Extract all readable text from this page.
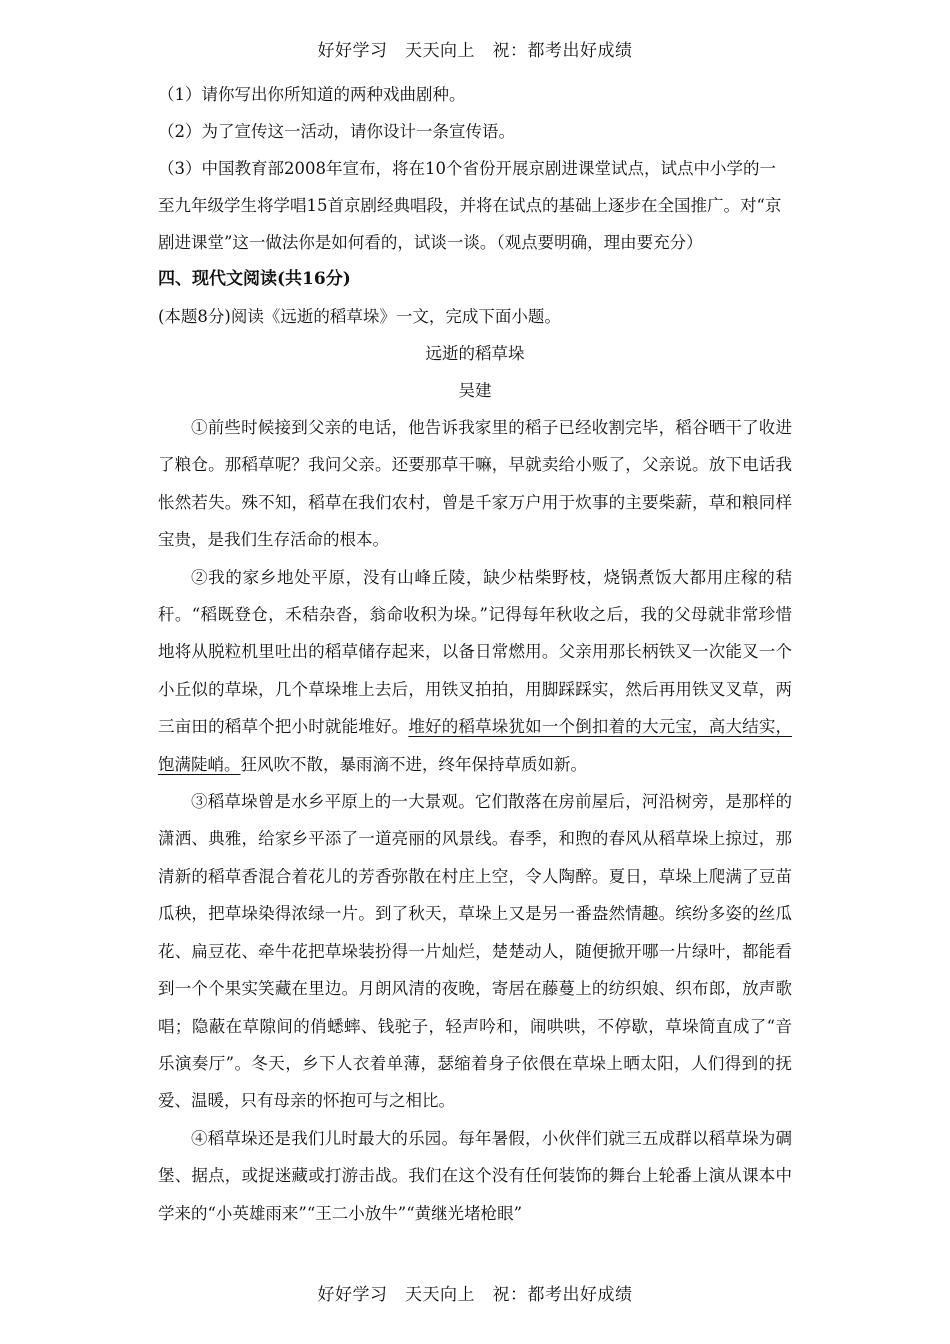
好好学习　天天向上　祝：都考出好成绩

（1）请你写出你所知道的两种戏曲剧种。

（2）为了宣传这一活动，请你设计一条宣传语。

（3）中国教育部2008年宣布，将在10个省份开展京剧进课堂试点，试点中小学的一至九年级学生将学唱15首京剧经典唱段，并将在试点的基础上逐步在全国推广。对“京剧进课堂”这一做法你是如何看的，试谈一谈。（观点要明确，理由要充分）

四、现代文阅读(共16分)

(本题8分)阅读《远逝的稻草垛》一文，完成下面小题。

远逝的稻草垛

吴建

①前些时候接到父亲的电话，他告诉我家里的稻子已经收割完毕，稻谷晒干了收进了粮仓。那稻草呢？我问父亲。还要那草干嘛，早就卖给小贩了，父亲说。放下电话我怅然若失。殊不知，稻草在我们农村，曾是千家万户用于炊事的主要柴薪，草和粮同样宝贵，是我们生存活命的根本。

②我的家乡地处平原，没有山峰丘陵，缺少枯柴野枝，烧锅煮饭大都用庄稼的秸秆。“稻既登仓，禾秸杂沓，翁命收积为垛。”记得每年秋收之后，我的父母就非常珍惜地将从脱粒机里吐出的稻草储存起来，以备日常燃用。父亲用那长柄铁叉一次能叉一个小丘似的草垛，几个草垛堆上去后，用铁叉拍拍，用脚踩踩实，然后再用铁叉叉草，两三亩田的稻草个把小时就能堆好。堆好的稻草垛犹如一个倒扣着的大元宝，高大结实，饱满陡峭。狂风吹不散，暴雨滴不进，终年保持草质如新。

③稻草垛曾是水乡平原上的一大景观。它们散落在房前屋后，河沿树旁，是那样的潇洒、典雅，给家乡平添了一道亮丽的风景线。春季，和煦的春风从稻草垛上掠过，那清新的稻草香混合着花儿的芳香弥散在村庄上空，令人陶醉。夏日，草垛上爬满了豆苗瓜秧，把草垛染得浓绿一片。到了秋天，草垛上又是另一番盎然情趣。缤纷多姿的丝瓜花、扁豆花、牵牛花把草垛装扮得一片灿烂，楚楚动人，随便掀开哪一片绿叶，都能看到一个个果实笑藏在里边。月朗风清的夜晚，寄居在藤蔓上的纺织娘、织布郎，放声歌唱；隐蔽在草隙间的俏蟋蟀、钱驼子，轻声吟和，闹哄哄，不停歇，草垛简直成了“音乐演奏厅”。冬天，乡下人衣着单薄，瑟缩着身子依偎在草垛上晒太阳，人们得到的抚爱、温暖，只有母亲的怀抱可与之相比。

④稻草垛还是我们儿时最大的乐园。每年暑假，小伙伴们就三五成群以稻草垛为碉堡、据点，或捉迷藏或打游击战。我们在这个没有任何装饰的舞台上轮番上演从课本中学来的“小英雄雨来”“王二小放牛”“黄继光堵枪眼”

好好学习　天天向上　祝：都考出好成绩
